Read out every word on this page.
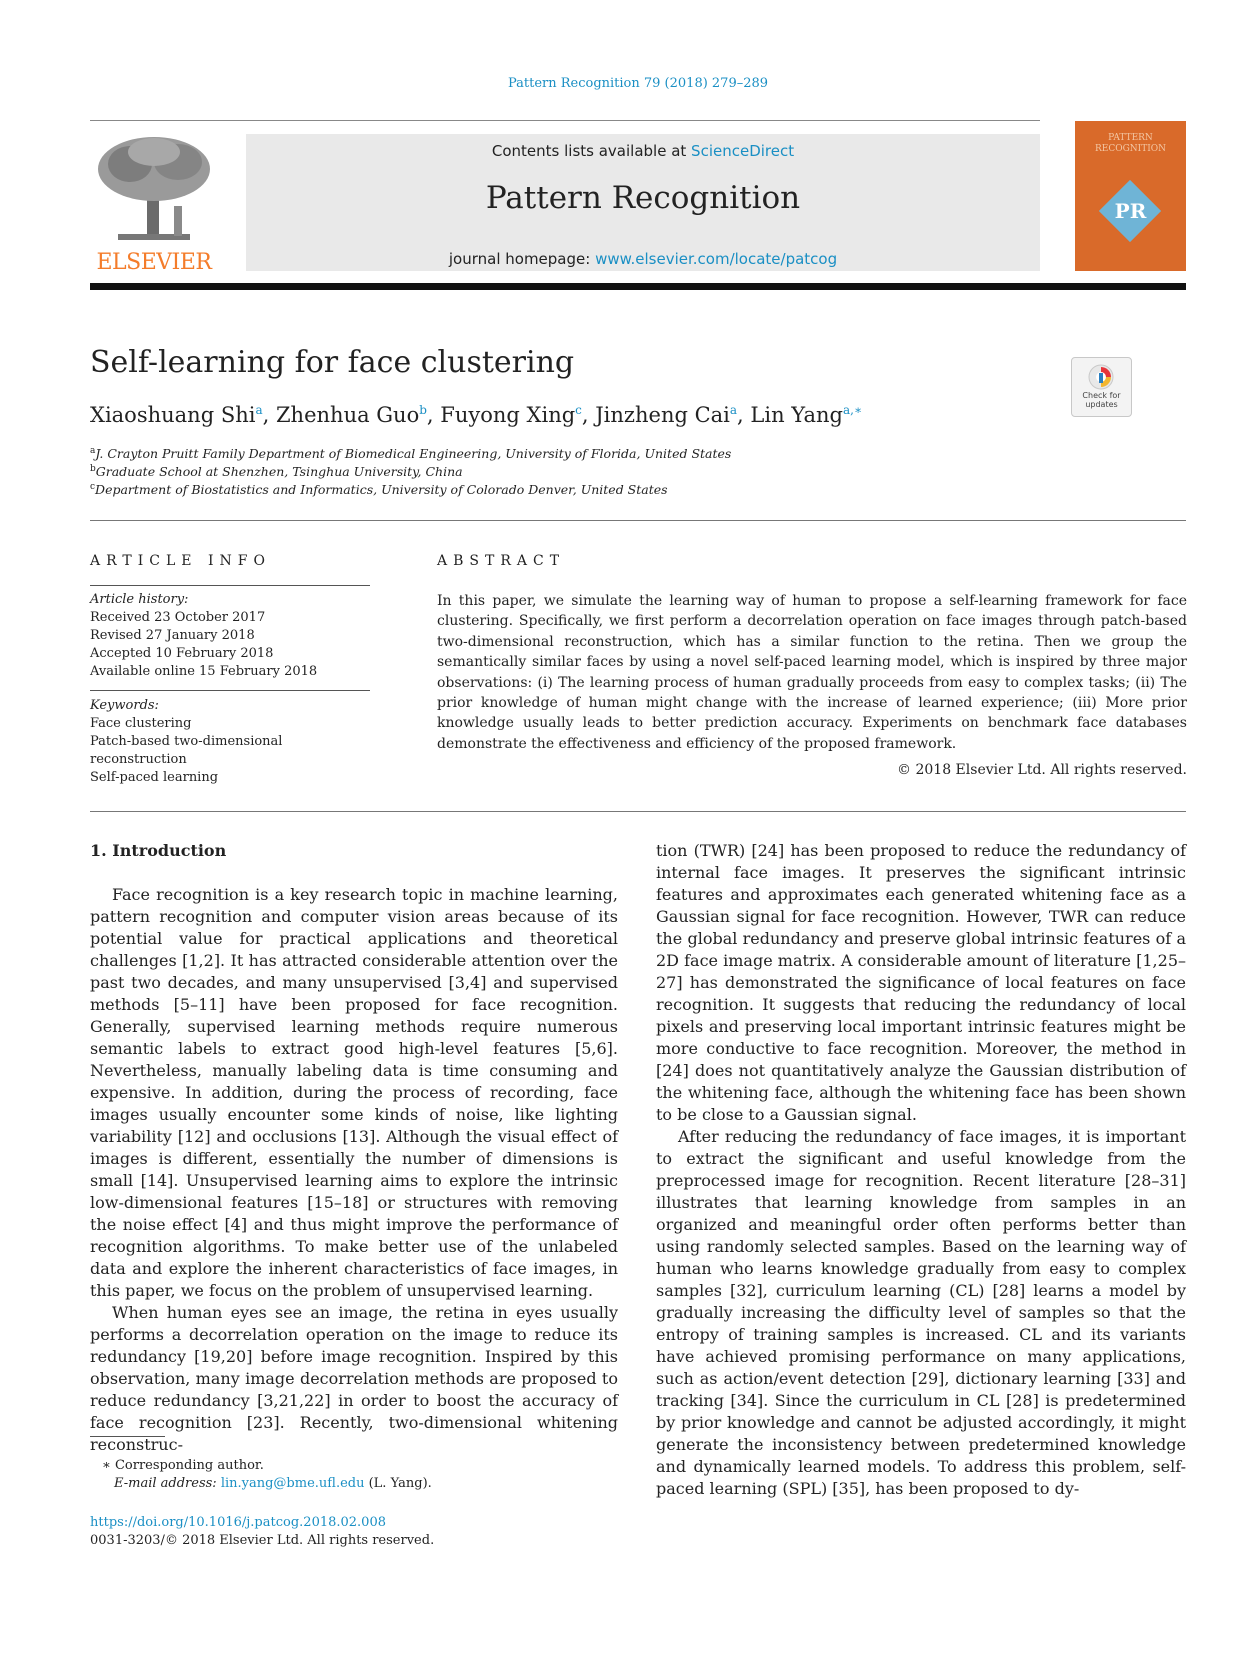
Pattern Recognition 79 (2018) 279–289
ELSEVIER
Contents lists available at ScienceDirect
Pattern Recognition
journal homepage: www.elsevier.com/locate/patcog
PATTERN RECOGNITION
PR
Self-learning for face clustering
Check for updates
Xiaoshuang Shi$^a$, Zhenhua Guo$^b$, Fuyong Xing$^c$, Jinzheng Cai$^a$, Lin Yang$^{a,∗}$
$^a$J. Crayton Pruitt Family Department of Biomedical Engineering, University of Florida, United States
$^b$Graduate School at Shenzhen, Tsinghua University, China
$^c$Department of Biostatistics and Informatics, University of Colorado Denver, United States
ARTICLE INFO
Article history:
Received 23 October 2017
Revised 27 January 2018
Accepted 10 February 2018
Available online 15 February 2018
Keywords:
Face clustering
Patch-based two-dimensional
reconstruction
Self-paced learning
ABSTRACT
In this paper, we simulate the learning way of human to propose a self-learning framework for face clustering. Specifically, we first perform a decorrelation operation on face images through patch-based two-dimensional reconstruction, which has a similar function to the retina. Then we group the semantically similar faces by using a novel self-paced learning model, which is inspired by three major observations: (i) The learning process of human gradually proceeds from easy to complex tasks; (ii) The prior knowledge of human might change with the increase of learned experience; (iii) More prior knowledge usually leads to better prediction accuracy. Experiments on benchmark face databases demonstrate the effectiveness and efficiency of the proposed framework.
© 2018 Elsevier Ltd. All rights reserved.
1. Introduction

Face recognition is a key research topic in machine learning, pattern recognition and computer vision areas because of its potential value for practical applications and theoretical challenges [1,2]. It has attracted considerable attention over the past two decades, and many unsupervised [3,4] and supervised methods [5–11] have been proposed for face recognition. Generally, supervised learning methods require numerous semantic labels to extract good high-level features [5,6]. Nevertheless, manually labeling data is time consuming and expensive. In addition, during the process of recording, face images usually encounter some kinds of noise, like lighting variability [12] and occlusions [13]. Although the visual effect of images is different, essentially the number of dimensions is small [14]. Unsupervised learning aims to explore the intrinsic low-dimensional features [15–18] or structures with removing the noise effect [4] and thus might improve the performance of recognition algorithms. To make better use of the unlabeled data and explore the inherent characteristics of face images, in this paper, we focus on the problem of unsupervised learning.

When human eyes see an image, the retina in eyes usually performs a decorrelation operation on the image to reduce its redundancy [19,20] before image recognition. Inspired by this observation, many image decorrelation methods are proposed to reduce redundancy [3,21,22] in order to boost the accuracy of face recognition [23]. Recently, two-dimensional whitening reconstruc-

tion (TWR) [24] has been proposed to reduce the redundancy of internal face images. It preserves the significant intrinsic features and approximates each generated whitening face as a Gaussian signal for face recognition. However, TWR can reduce the global redundancy and preserve global intrinsic features of a 2D face image matrix. A considerable amount of literature [1,25–27] has demonstrated the significance of local features on face recognition. It suggests that reducing the redundancy of local pixels and preserving local important intrinsic features might be more conductive to face recognition. Moreover, the method in [24] does not quantitatively analyze the Gaussian distribution of the whitening face, although the whitening face has been shown to be close to a Gaussian signal.

After reducing the redundancy of face images, it is important to extract the significant and useful knowledge from the preprocessed image for recognition. Recent literature [28–31] illustrates that learning knowledge from samples in an organized and meaningful order often performs better than using randomly selected samples. Based on the learning way of human who learns knowledge gradually from easy to complex samples [32], curriculum learning (CL) [28] learns a model by gradually increasing the difficulty level of samples so that the entropy of training samples is increased. CL and its variants have achieved promising performance on many applications, such as action/event detection [29], dictionary learning [33] and tracking [34]. Since the curriculum in CL [28] is predetermined by prior knowledge and cannot be adjusted accordingly, it might generate the inconsistency between predetermined knowledge and dynamically learned models. To address this problem, self-paced learning (SPL) [35], has been proposed to dy-

∗ Corresponding author.
E-mail address: lin.yang@bme.ufl.edu (L. Yang).
https://doi.org/10.1016/j.patcog.2018.02.008
0031-3203/© 2018 Elsevier Ltd. All rights reserved.
